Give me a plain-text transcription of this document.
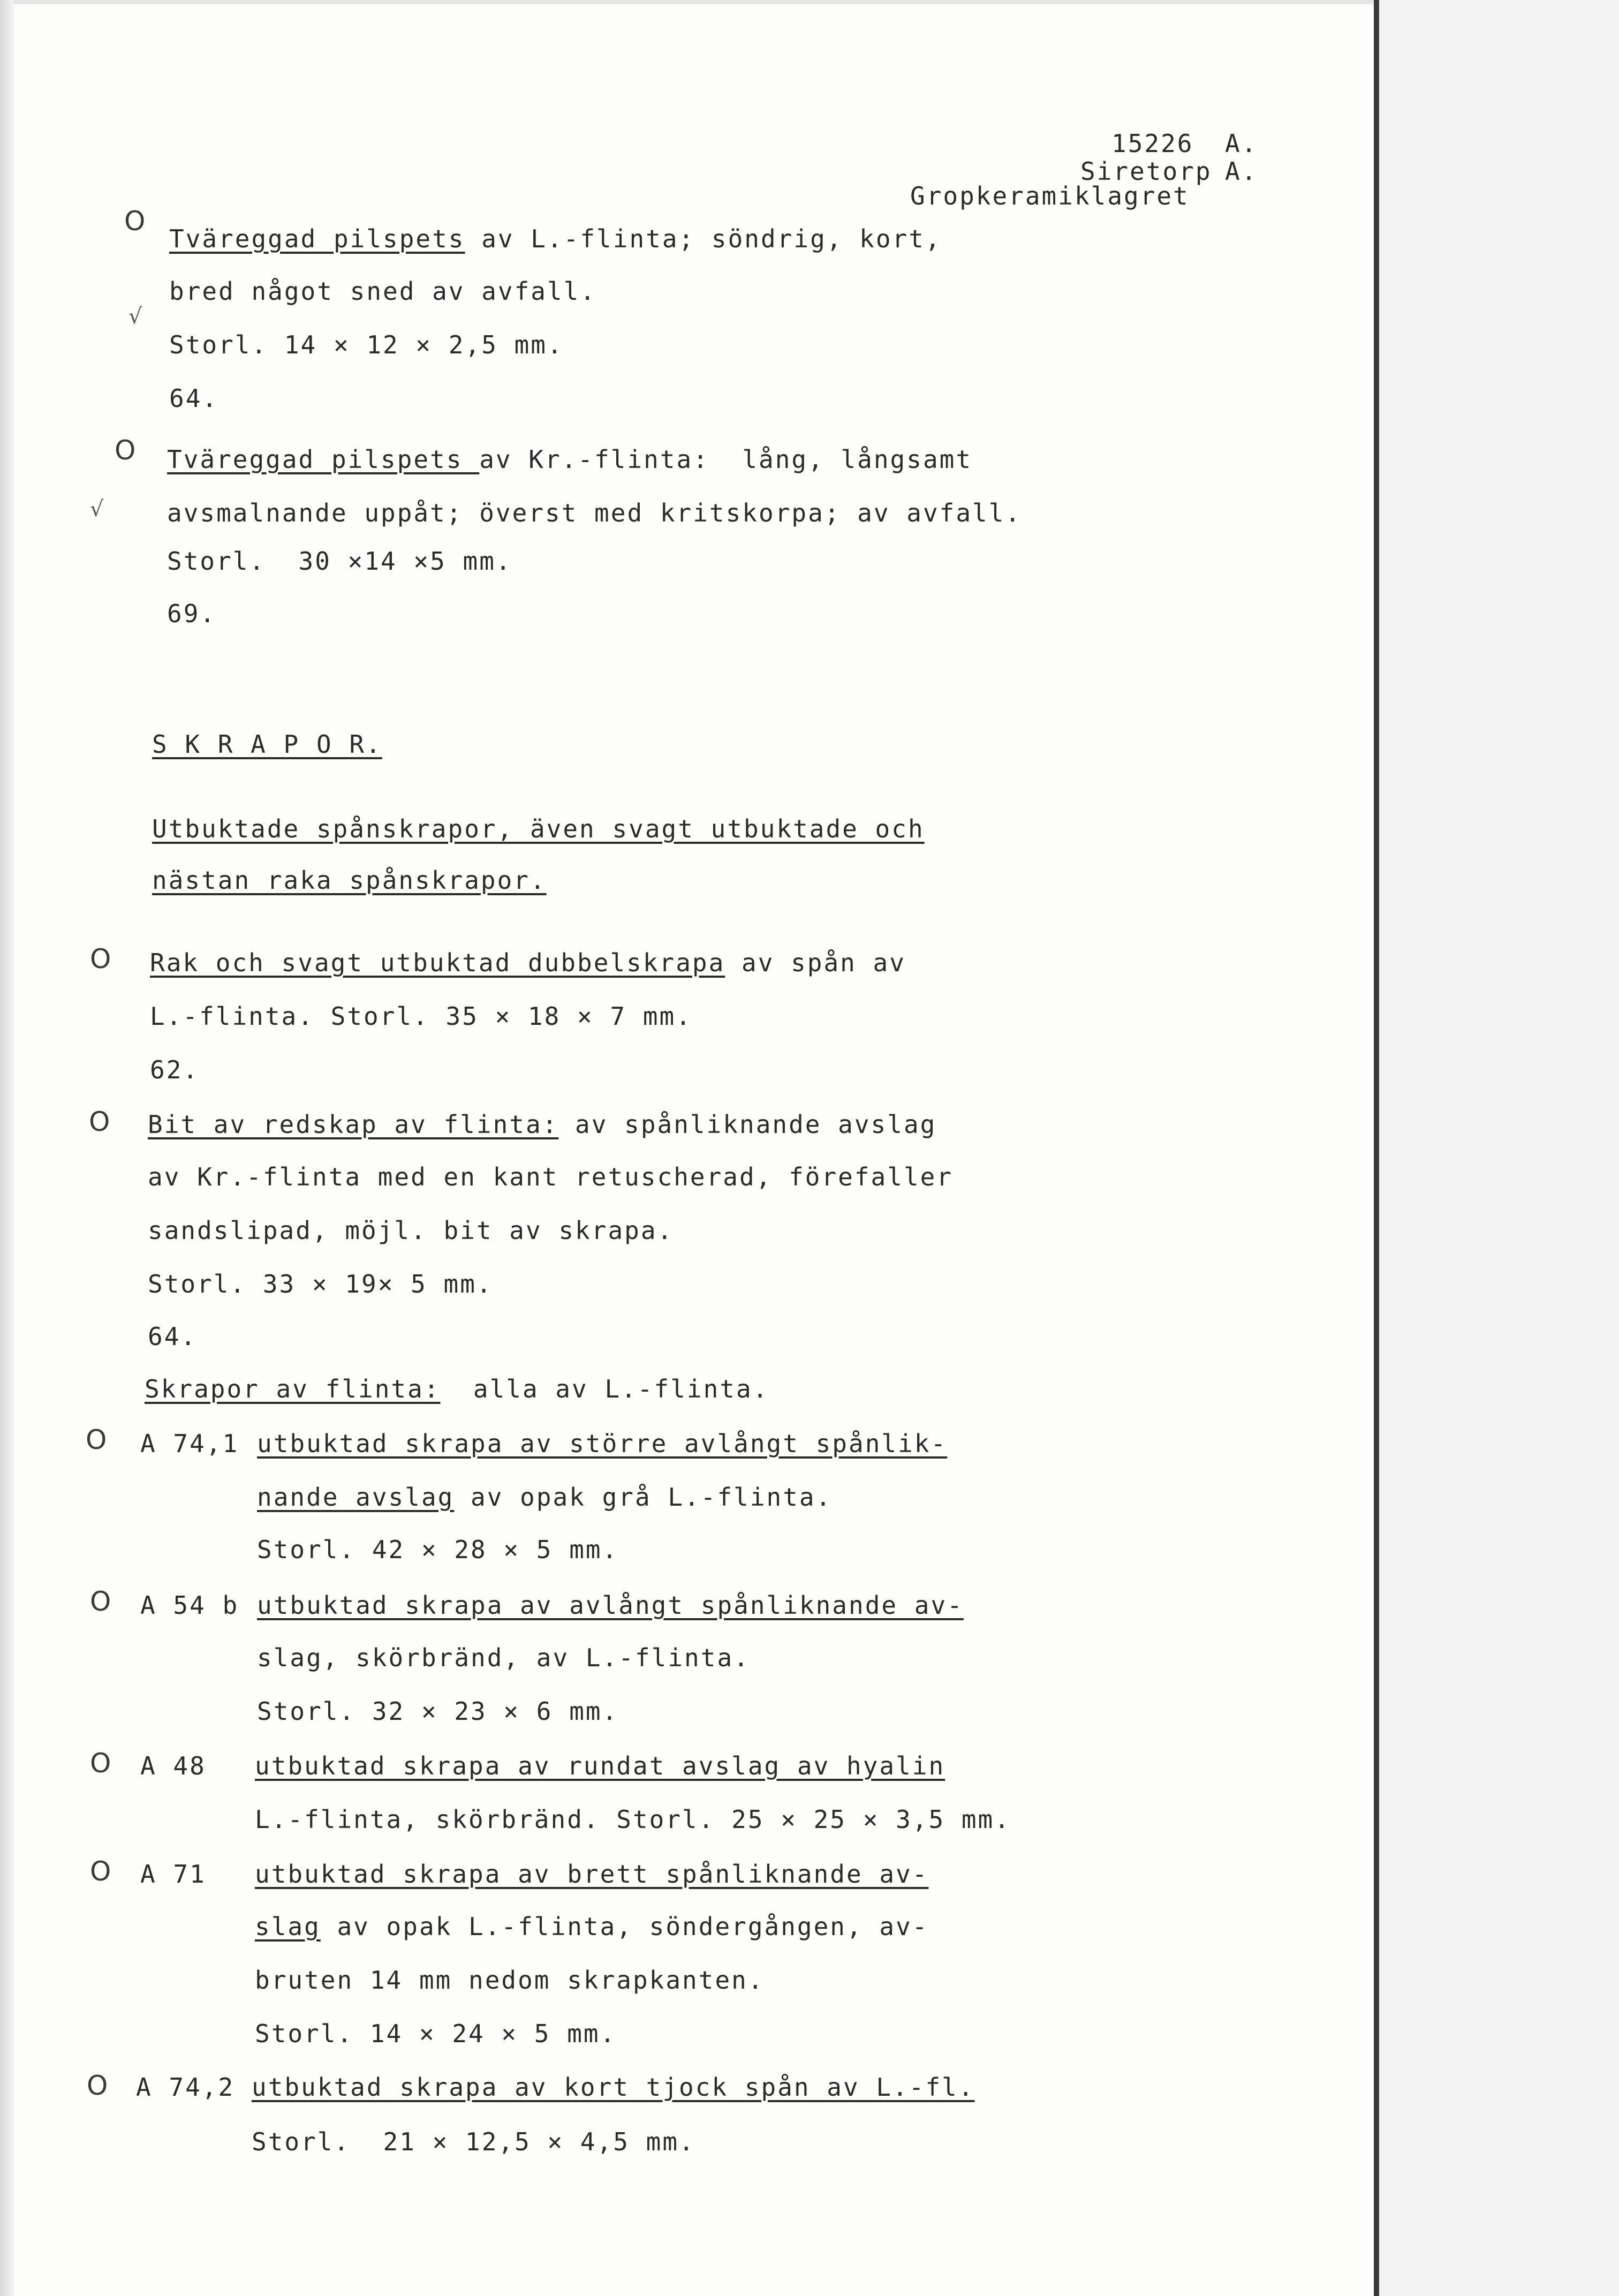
15226 A.
Siretorp A.
Gropkeramiklagret
O
Tväreggad pilspets av L.-flinta; söndrig, kort,
bred något sned av avfall.
√
Storl. 14 × 12 × 2,5 mm.
64.
O Tväreggad pilspets av Kr.-flinta:  lång, långsamt
√	avsmalnande uppåt; överst med kritskorpa; av avfall.
Storl.  30 ×14 ×5 mm.
69.
S K R A P O R.
Utbuktade spånskrapor, även svagt utbuktade och
nästan raka spånskrapor.
O Rak och svagt utbuktad dubbelskrapa av spån av
L.-flinta. Storl. 35 × 18 × 7 mm.
62.
O Bit av redskap av flinta: av spånliknande avslag
av Kr.-flinta med en kant retuscherad, förefaller
sandslipad, möjl. bit av skrapa.
Storl. 33 × 19× 5 mm.
64.
Skrapor av flinta:  alla av L.-flinta.
O A 74,1 utbuktad skrapa av större avlångt spånlik-
nande avslag av opak grå L.-flinta.
Storl. 42 × 28 × 5 mm.
O A 54 b utbuktad skrapa av avlångt spånliknande av-
slag, skörbränd, av L.-flinta.
Storl. 32 × 23 × 6 mm.
O A 48 utbuktad skrapa av rundat avslag av hyalin
L.-flinta, skörbränd. Storl. 25 × 25 × 3,5 mm.
O A 71 utbuktad skrapa av brett spånliknande av-
slag av opak L.-flinta, söndergången, av-
bruten 14 mm nedom skrapkanten.
Storl. 14 × 24 × 5 mm.
O A 74,2 utbuktad skrapa av kort tjock spån av L.-fl.
Storl.  21 × 12,5 × 4,5 mm.
